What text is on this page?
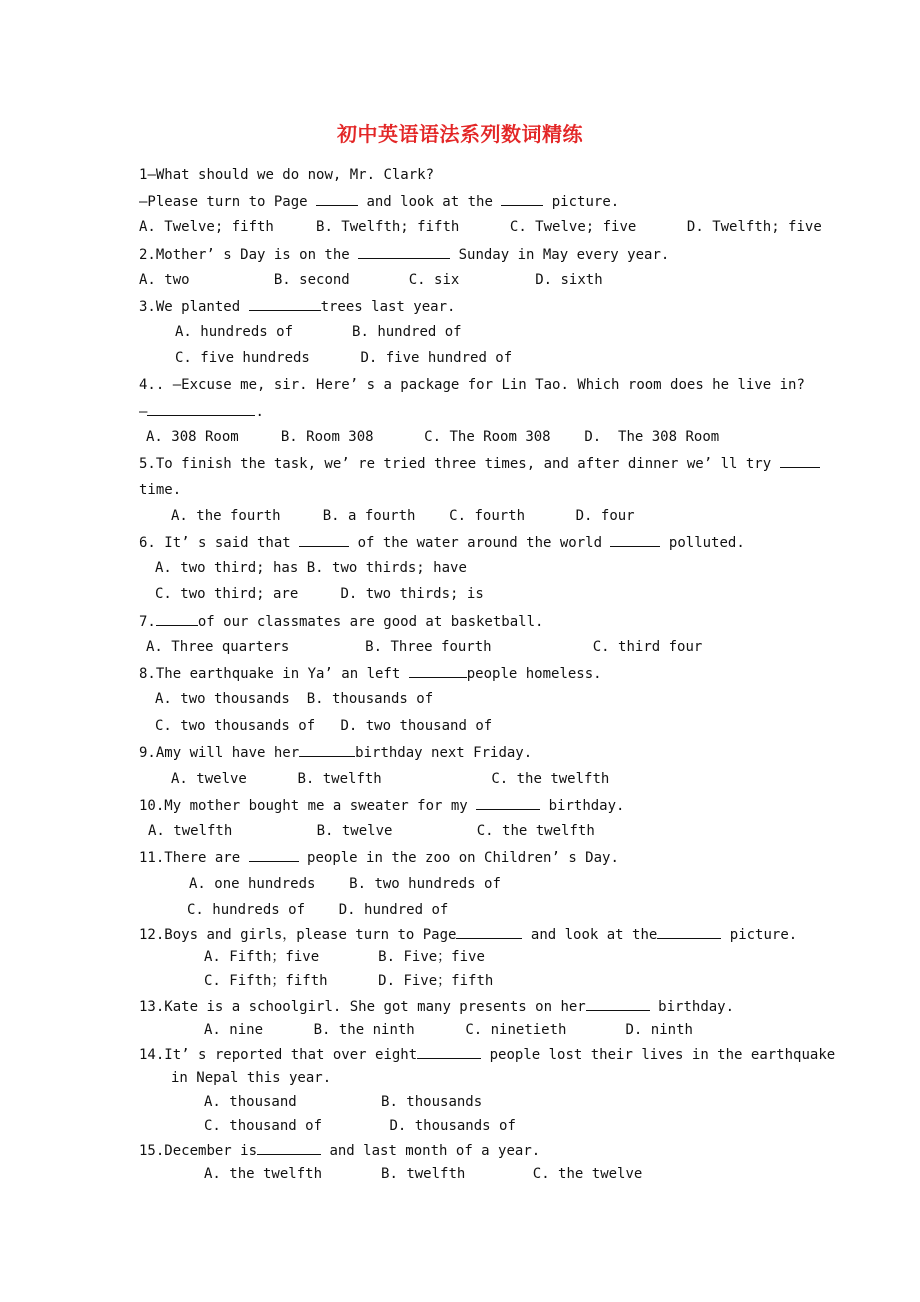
初中英语语法系列数词精练
1—What should we do now, Mr. Clark?
—Please turn to Page	and look at the	picture.
A. Twelve; fifth	B. Twelfth; fifth	C. Twelve; five	D. Twelfth; five
2.Mother’ s Day is on the	Sunday in May every year.
A. two	B. second	C. six	D. sixth
3.We planted	trees last year.
A. hundreds of	B. hundred of
C. five hundreds	D. five hundred of
4.. —Excuse me, sir. Here’ s a package for Lin Tao. Which room does he live in?
—	.
A. 308 Room	B. Room 308	C. The Room 308 D.  The 308 Room
5.To finish the task, we’ re tried three times, and after dinner we’ ll try
time.
A. the fourth	B. a fourth C. fourth	D. four
6. It’ s said that	of the water around the world	polluted.
A. two third; has B. two thirds; have
C. two third; are	D. two thirds; is
7.	of our classmates are good at basketball.
A. Three quarters	B. Three fourth	C. third four
8.The earthquake in Ya’ an left	people homeless.
A. two thousands B. thousands of
C. two thousands of D. two thousand of
9.Amy will have her	birthday next Friday.
A. twelve	B. twelfth	C. the twelfth
10.My mother bought me a sweater for my	birthday.
A. twelfth	B. twelve	C. the twelfth
11.There are	people in the zoo on Children’ s Day.
A. one hundreds B. two hundreds of
C. hundreds of D. hundred of
12.Boys and girls，please turn to Page	and look at the	picture.
A. Fifth；five	B. Five；five
C. Fifth；fifth	D. Five；fifth
13.Kate is a schoolgirl. She got many presents on her	birthday.
A. nine	B. the ninth	C. ninetieth	D. ninth
14.It’ s reported that over eight	people lost their lives in the earthquake
in Nepal this year.
A. thousand	B. thousands
C. thousand of	D. thousands of
15.December is	and last month of a year.
A. the twelfth	B. twelfth	C. the twelve
